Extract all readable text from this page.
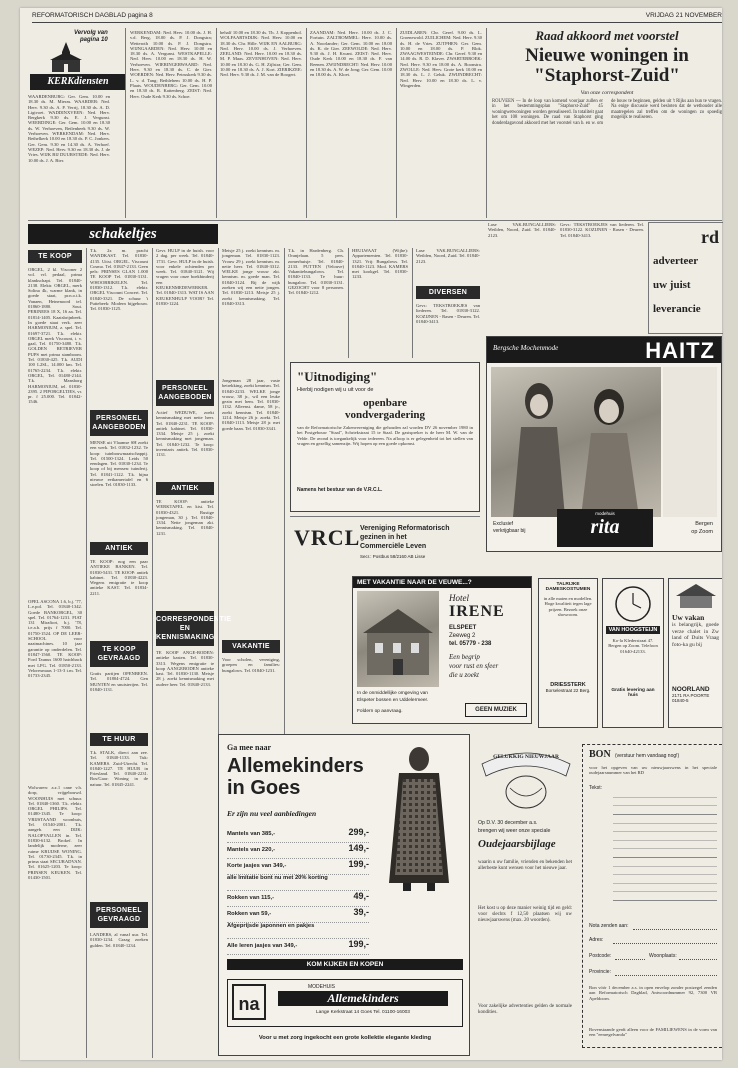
REFORMATORISCH DAGBLAD pagina 8	VRIJDAG 21 NOVEMBER
Vervolg van
pagina 10
KERKdiensten
WAARDENBURG: Ger. Gem. 10.00 en 18.30 ds. M. Mieras. WAARDER: Ned. Herv. 9.30 ds. A. P. Verrij, 18.30 ds. A. D. Ligtvoet. WADDINXVEEN: Ned. Herv. Bergkerk 9.30 ds. E. J. Vergunst. WEERDINGE: Ger. Gem. 10.00 en 18.30 ds. W. Verhoeven, Beilenbeek 9.30 ds. W. Verhoeven. WERKENDAM: Ned. Herv. Bethelkerk 10.00 en 18.30 ds. P. C. Jonkers. Ger. Gem. 9.30 en 14.30 ds. A. Verhoef. WEZEP: Ned. Herv. 9.30 en 18.30 ds. J. de Vries. WIJK BIJ DUURSTEDE: Ned. Herv. 10.00 ds. J. A. Bier.
WERKENDAM: Ned. Herv. 10.00 ds. J. H. v.d. Berg, 18.00 ds. P. J. Dongstra; Wetteroth 10.00 ds. P. J. Dongstra. WIJNGAARDEN: Ned. Herv. 10.00 en 18.30 ds. A. Vergunst. WESTKAPELLE: Ned. Herv. 10.00 en 18.30 ds. H. W. Verhoeven. WIERINGERWAARD: Ned. Herv. 9.30 en 18.30 ds. C. de Gier. WOERDEN: Ned. Herv. Petruskerk 9.30 ds. L. v. d. Tang; Bethlehem 10.00 ds. H. P. Plaats. WOUDENBERG: Ger. Gem. 10.00 en 18.30 ds. R. Kattenberg. ZEIST: Ned. Herv. Oude Kerk 9.30 ds. Schoe.
behalf 10.00 en 18.30 ds. Th. J. Koppenhol. WOLFAARTSDIJK: Ned. Herv. 10.00 en 18.30 ds. Chr. Hille. WIJK EN AALBURG: Ned. Herv. 10.00 ds. J. Verhoeven. ZEELAND: Ned. Herv. 10.00 en 18.30 ds. M. P. Maas. ZEVENHOVEN: Ned. Herv. 10.00 en 18.30 ds. G. H. Zijlstra; Ger. Gem. 10.00 en 18.30 ds. A. J. Kort. ZIERIKZEE: Ned. Herv. 9.30 ds. J. M. van de Boogert.
ZAANDAM: Ned. Herv. 10.00 ds. J. C. Fortuin. ZALTBOMMEL: Herv. 10.00 ds. A. Noorlander; Ger. Gem. 10.00 en 18.00 ds. K. de Gier. ZEEWOLDE: Ned. Herv. 9.30 ds. J. H. Kwant. ZEIST: Ned. Herv. Oude Kerk 10.00 en 18.30 ds. F. van Reenen. ZWIJNDRECHT: Ned. Herv. 10.00 en 18.30 ds. A. W. de Jong; Ger. Gem. 10.00 en 18.00 ds. A. Kloet.
ZUIDLAREN: Chr. Geref. 9.00 ds. L. Groenewold. ZUILICHEM: Ned. Herv. 9.30 ds. H. de Vries. ZUTPHEN: Ger. Gem. 10.00 en 18.00 ds. P. Blok. ZWAAGWESTEINDE: Chr. Geref. 9.30 en 14.00 ds. R. D. Klaver. ZWARTEBROEK: Ned. Herv. 9.30 en 18.00 ds. A. Boonstra. ZWOLLE: Ned. Herv. Grote kerk 10.00 en 18.30 ds. L. J. Geluk. ZWIJNDRECHT: Ned. Herv. 10.00 en 18.30 ds. L. v. Wingerden.
Raad akkoord met voorstel
Nieuwe woningen in
"Staphorst-Zuid"
Van onze correspondent
ROUVEEN — In de loop van komend voorjaar zullen er in het bestemmingsplan "Staphorst-Zuid" 45 woningwetwoningen worden gerealiseerd. In totaliteit gaat het om 108 woningen. De raad van Staphorst ging donderdagavond akkoord met het voorstel van b. en w. om de bouw te beginnen, gelden uit 't Rijks aan hun te vragen. Na enige discussie werd besloten dat de wethouder alle maatregelen zal treffen om de woningen zo spoedig mogelijk te realiseren.
schakeltjes
TE KOOP
ORGEL, 2 kl. Visconer 2 vol. vrl. pedaal, prima klankschapt. Tel. 01840-2138. Elektr. ORGEL, merk Solina 4k, warme klank, in goede staat, pr.n.o.t.k. Vanaen, Heinenoord tel. 01860-1880. Sout. PERINEES 18 X, 16 aa. Tel. 01814-1405. Kaatsbrijnbeek. In goede staat verk. zeer HARMONIUM, z. spel. Tel. 01697-3721. T.k. elektr. ORGEL merk Viscount, i. v. gaal, Tel. 01750-3480. T.k. GOLDEN RETRIEVER PUPS met prima stamboom. Tel. 01830-425. T.k. AUDI 100 L2SL, 14.000 km. Tel. 01765-2234. T.k. elektr. ORGEL, Tel. 01480-2144. T.k. Mansborg HARMONIUM, tel. 01830-2395. 2 PIPORGELTJES, vr. pr. f 25.000. Tel. 01842-1546.
OPEL ASCONA 1.6, b.j. '77, L.e.pol. Tel. 01840-1342. Goede BANKORGEL, 30 spel. Tel. 01764-1231. FIAT 131 Mirafiori, b.j. '78, t.e.a.b. prijs f 7000. Tel. 01750-1524. OP DE LEER-SCHOOL voor naaimachines. 10 jaar garantie op onderdelen. Tel. 01847-1560. TE KOOP: Ford Taunus 1600 hatchback met LPG. Tel. 01850-2133. Velorexmaas 1-13-3 t.m. Tel. 01733-2345.
Wolwaren: a.z.1 cane v.h. dorp, vrijgebouwd. WOONHUIS met schuur. Tel. 01840-1360. T.k. elektr. ORGEL PHILIPS. Tel. 01480-1345. Te koop: VRIJSTAAND woonhuis, Tel. 01540-2001. T.k. aangeb. een DIJK: NALOPVALLEN in. Tel. 01830-6132. Brokef. In landelijk moderne, zeer ruime KRUIJSE WONING. Tel. 01730-2345. T.k. in prima staat SECURADVAN. Tel. 01625-1203. Te koop: PRINSEN KEUKEN. Tel. 01430-1501.
T.k. 2x m. pracht WANDKAST. Tel. 01830-4135. Uitst. ORGEL. Viscount Cosmo. Tel. 01847-2133. Geen pels: PRINSES GLAN 1.000 TE KOOP Tel. 01830-3131. WHOOBRIKELEN. Tel. 01830-1312. T.k. elektr. ORGEL Viscount Concert. Tel. 01840-3321. De schuur 't Puttebeek: Modern bijgebouw. Tel. 01830-1125.
PERSONEEL AANGEBODEN
MENSE uit Vlaamse SH zoekt een werk. Tel. 01832-1232. Te koop: tuinbouwmaatschappij. Tel. 01500-1324. Leids 50 eendagen. Tel. 01830-1234. Te koop of bij mensen: tuinderij. Tel. 01841-1122. T.k. bijna nieuwe eetkamertafel en 6 stoelen. Tel. 01830-1133.
ANTIEK
TE KOOP: nog een paar ANTIEKE BANKEN. Tel. 01830-5431. TE KOOP: antiek kabinet. Tel. 01830-4223. Wegens emigratie te koop antieke KAST. Tel. 01834-2211.
TE KOOP GEVRAAGD
Gratis partijen OPENBEEN. Tel. 01804-4724. Gen MUNTEN en snuisterijen. Tel. 01840-1131.
TE HUUR
T.k. STALK, direct aan zee. Tel. 01840-1133. Tuk: KAMERS. Zuid-Utrecht. Tel. 01840-1227. TE HUUR in Friesland. Tel. 01840-2231. Bos/Gaar: Woning in de natuur. Tel. 01845-2241.
PERSONEEL GEVRAAGD
LANDERS, al vanaf uur. Tel. 01830-1234. Graag zoeken gulden. Tel. 01840-1234.
Gevr. HULP in de huish. voor 2 dag. per week. Tel. 01840-1731. Gevr. HULP in de huish. voor enkele ochtenden per week. Tel. 01840-3121. Wij vragen voor onze boekbinderij een KEUKENMEDEWERKER. Tel. 01840-1313. WAT IS AAN KEUKENHULP VOOR? Tel. 01830-1224.
PERSONEEL AANGEBODEN
Actief WEDUWE, zoekt kennismaking met nette heer. Tel. 01840-2231. TE KOOP: antiek kabinet. Tel. 01830-1334. Meisje 25 j. zoekt kennismaking met jongeman. Tel. 01840-1232. Te koop: inventaris antiek. Tel. 01830-1131.
ANTIEK
TE KOOP: antieke WERKTAFEL en kist. Tel. 01830-4321. Rustige jongeman, 30 j. Tel. 01840-1334. Nette jongeman zkt. kennismaking. Tel. 01840-1231.
CORRESPONDENTIE EN KENNISMAKING
TE KOOP ANGE-BODEN: antieke kasten. Tel. 01830-3313. Wegens emigratie te koop AANGEBODEN antieke kast. Tel. 01830-1130. Meisje 28 j. zoekt kennismaking met oudere heer. Tel. 01840-2133.
Meisje 25 j. zoekt kennism. m. jongeman. Tel. 01830-1123. Vrouw 29 j. zoekt kennism. m. nette heer. Tel. 01840-3312. WELKE jonge vrouw zkt. kennism. m. goede man. Tel. 01840-3124. Bij de wijk zoeken wij een nette jongen. Tel. 01830-1213. Meisje 25 j. zoekt kennismaking. Tel. 01840-3313.
Jongeman 28 jaar, vaste betrekking, zoekt kennism. Tel. 01840-2233. WELKE jonge vrouw, 38 jr., wil een leuke gezin met hem. Tel. 01830-1132. Alleenst. dame, 58 jr., zoekt kennism. Tel. 01840-1214. Meisje 26 jr. zoekt. Tel. 01840-1113. Meisje 28 jr. met goede baan. Tel. 01830-3341.
VAKANTIE
Voor scholen, vereniging, groepen en families: bungalows. Tel. 01840-1231.
T.k. in Hardenberg. Ch. Oranjelaan. 5 pers. zomerhuisje. Tel. 01840-2133. PUTTEN (Velouve) Vakantiebungalows. Tel. 01840-1133. Te huur: bungalow. Tel. 01830-3131. GEZOCHT voor 8 personen. Tel. 01840-1212.
HEULWAAT (Wijhe): Appartementen. Tel. 01830-1321. Vrij: Bungalows. Tel. 01840-1123. Mod. KAMERS met kookgel. Tel. 01830-1233.
Lase VAK.BUNGALLIERS: Weilden, Noord, Zuid. Tel. 01840-2123.
DIVERSEN
Gevr.: TEKSTBOEKJES van liederen. Tel. 01830-3122. KOZIJNEN - Rasen - Deuren. Tel. 01840-3413.
"Uitnodiging"
Hierbij nodigen wij u uit voor de
openbare
vondvergadering
van de Reformatorische Zakenvereniging die gehouden zal worden DV 26 november 1980 in het Postgebouw "Staal", Schriekstraat 15 te Staal. De gastspreker is de heer M. W. van de Velde. De avond is toegankelijk voor iedereen. Na afloop is er gelegenheid tot het stellen van vragen en gezellig samenzijn. Wij hopen op een goede opkomst.
Namens het bestuur van de V.R.C.L.
VRCL Vereniging Reformatorisch
gezinen in het
Commerciële Leven
Secr.: Postbus 58/2160 AB Lisse
MET VAKANTIE NAAR DE VEUWE...?
Hotel
IRENE
ELSPEET
Zeeweg 2
tel. 05779 - 238
Een begrip
voor rust en sfeer
die u zoekt
In de onmiddellijke omgeving van
Elspeter bossen en Uddelermeer.
Foldern op aanvraag.	GEEN MUZIEK
rd
adverteer
uw juist
leverancie
Gevr.: TEKSTBOEKJES van liederen. Tel. 01830-3122. KOZIJNEN - Rasen - Deuren. Tel. 01840-3413.
Lase VAK.BUNGALLIERS: Weilden, Noord, Zuid. Tel. 01840-2123.
Bergsche Mochenmode	HAITZ
Exclusief
verkrijgbaar bij
modehuis
rita	Bergen
op Zoom
TALRIJKE DAMESKOSTUMEN
in alle maten en modellen. Hoge kwaliteit tegen lage prijzen. Bezoek onze showroom.
DRIESSTERK
Borselestraat 22 Berg.
VAN HOOGSTEIJN
Ko-la Klederstraat 47. Bergen op Zoom. Telefoon 01640-42133.
Gratis levering aan huis
Uw vakan
is belangrijk, goede verze chalet in Zw land of Duits Vraag foto-ka gu bij
NOORLAND
2171 RA POORTE 01840-5
Ga mee naar
Allemekinders
in Goes
Er zijn nu veel aanbiedingen
Mantels van 385,-	299,-
Mantels van 220,-	149,-
Korte jasjes van 349,-	199,-
alle lmitatie bont nu met 20% korting
Rokken van 115,-	49,-
Rokken van 59,-	39,-
Afgeprijsde japonnen en pakjes
Alle leren jasjes van 349,-	199,-
KOM KIJKEN EN KOPEN
na
MODEHUIS
Allemekinders
Lange Kerkstraat 14 Goes Tel. 01100-16003
Voor u met zorg ingekocht een grote kollektie elegante kleding
GELUKKIG NIEUWJAAR
Op D.V. 30 december a.s.
brengen wij weer onze speciale
Oudejaarsbijlage
waarin u uw familie, vrienden en bekenden het allerbeste kunt wensen voor het nieuwe jaar.
Het kost u op deze manier weinig tijd en geld: voor slechts f 12,50 plaatsen wij uw nieuwjaarswens (max. 20 woorden).
Voor zakelijke advertenties gelden de normale kondities.
BON (verstuur hem vandaag nog!)
voor het opgeven van uw nieuwjaarswens in het speciale oudejaarsnummer van het RD
Tekst:
Nota zenden aan:
Adres:
Postcode:	Woonplaats:
Provincie:
Bon vóór 1 december a.s. in open envelop zonder postzegel zenden aan Reformatorisch Dagblad, Antwoordnummer 92, 7300 VB Apeldoorn.
Bovenstaande gerdt alleen voor de FAMILIEWENS in de vorm van een "eenregelvanda"
